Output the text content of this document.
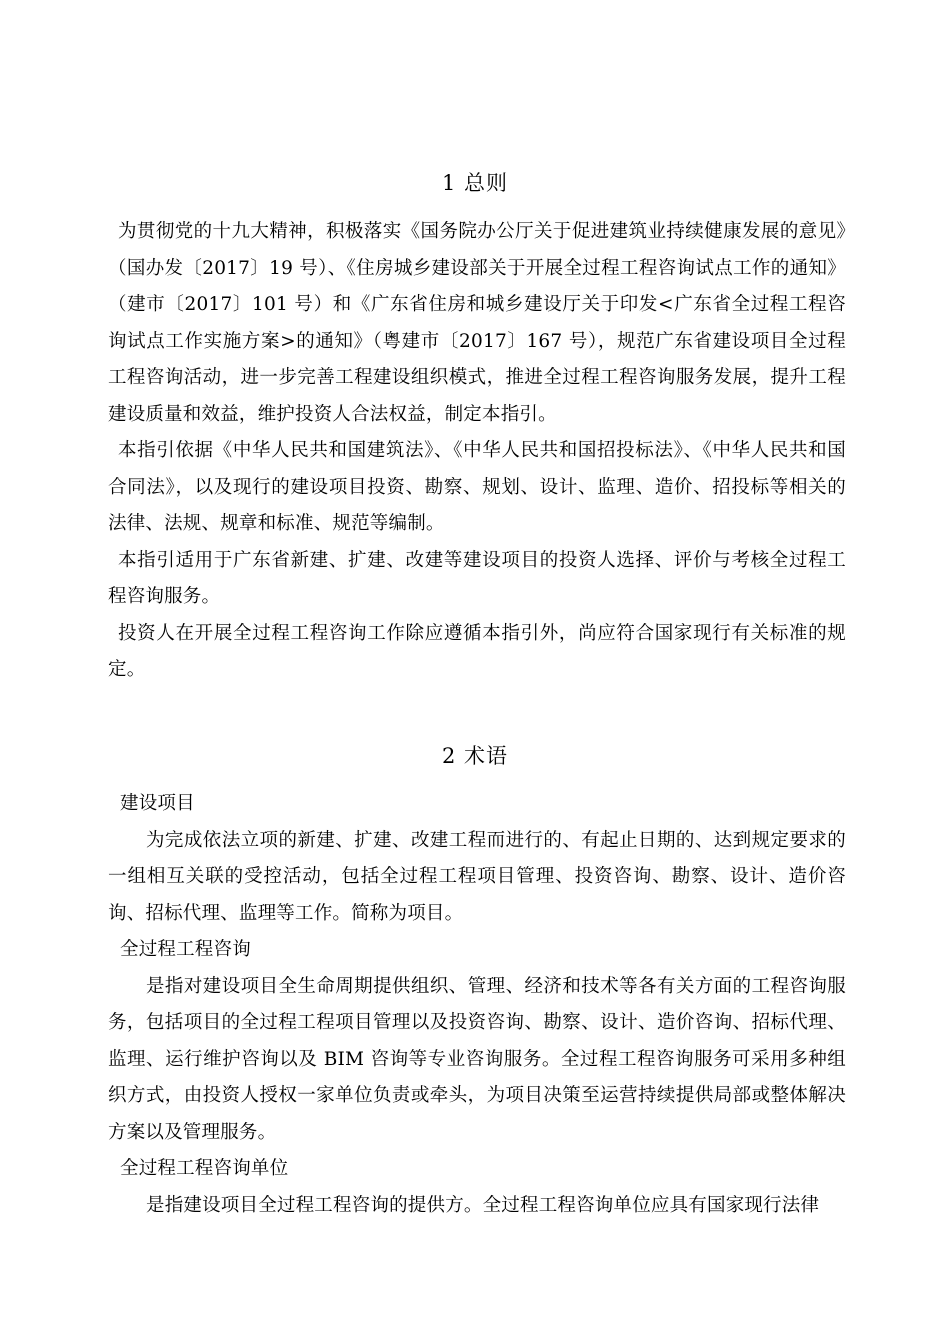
1 总则

为贯彻党的十九大精神，积极落实《国务院办公厅关于促进建筑业持续健康发展的意见》（国办发〔2017〕19 号）、《住房城乡建设部关于开展全过程工程咨询试点工作的通知》（建市〔2017〕101 号）和《广东省住房和城乡建设厅关于印发<广东省全过程工程咨询试点工作实施方案>的通知》（粤建市〔2017〕167 号），规范广东省建设项目全过程工程咨询活动，进一步完善工程建设组织模式，推进全过程工程咨询服务发展，提升工程建设质量和效益，维护投资人合法权益，制定本指引。

本指引依据《中华人民共和国建筑法》、《中华人民共和国招投标法》、《中华人民共和国合同法》，以及现行的建设项目投资、勘察、规划、设计、监理、造价、招投标等相关的法律、法规、规章和标准、规范等编制。

本指引适用于广东省新建、扩建、改建等建设项目的投资人选择、评价与考核全过程工程咨询服务。

投资人在开展全过程工程咨询工作除应遵循本指引外，尚应符合国家现行有关标准的规定。

2 术语

建设项目

为完成依法立项的新建、扩建、改建工程而进行的、有起止日期的、达到规定要求的一组相互关联的受控活动，包括全过程工程项目管理、投资咨询、勘察、设计、造价咨询、招标代理、监理等工作。简称为项目。

全过程工程咨询

是指对建设项目全生命周期提供组织、管理、经济和技术等各有关方面的工程咨询服务，包括项目的全过程工程项目管理以及投资咨询、勘察、设计、造价咨询、招标代理、监理、运行维护咨询以及 BIM 咨询等专业咨询服务。全过程工程咨询服务可采用多种组织方式，由投资人授权一家单位负责或牵头，为项目决策至运营持续提供局部或整体解决方案以及管理服务。

全过程工程咨询单位

是指建设项目全过程工程咨询的提供方。全过程工程咨询单位应具有国家现行法律
